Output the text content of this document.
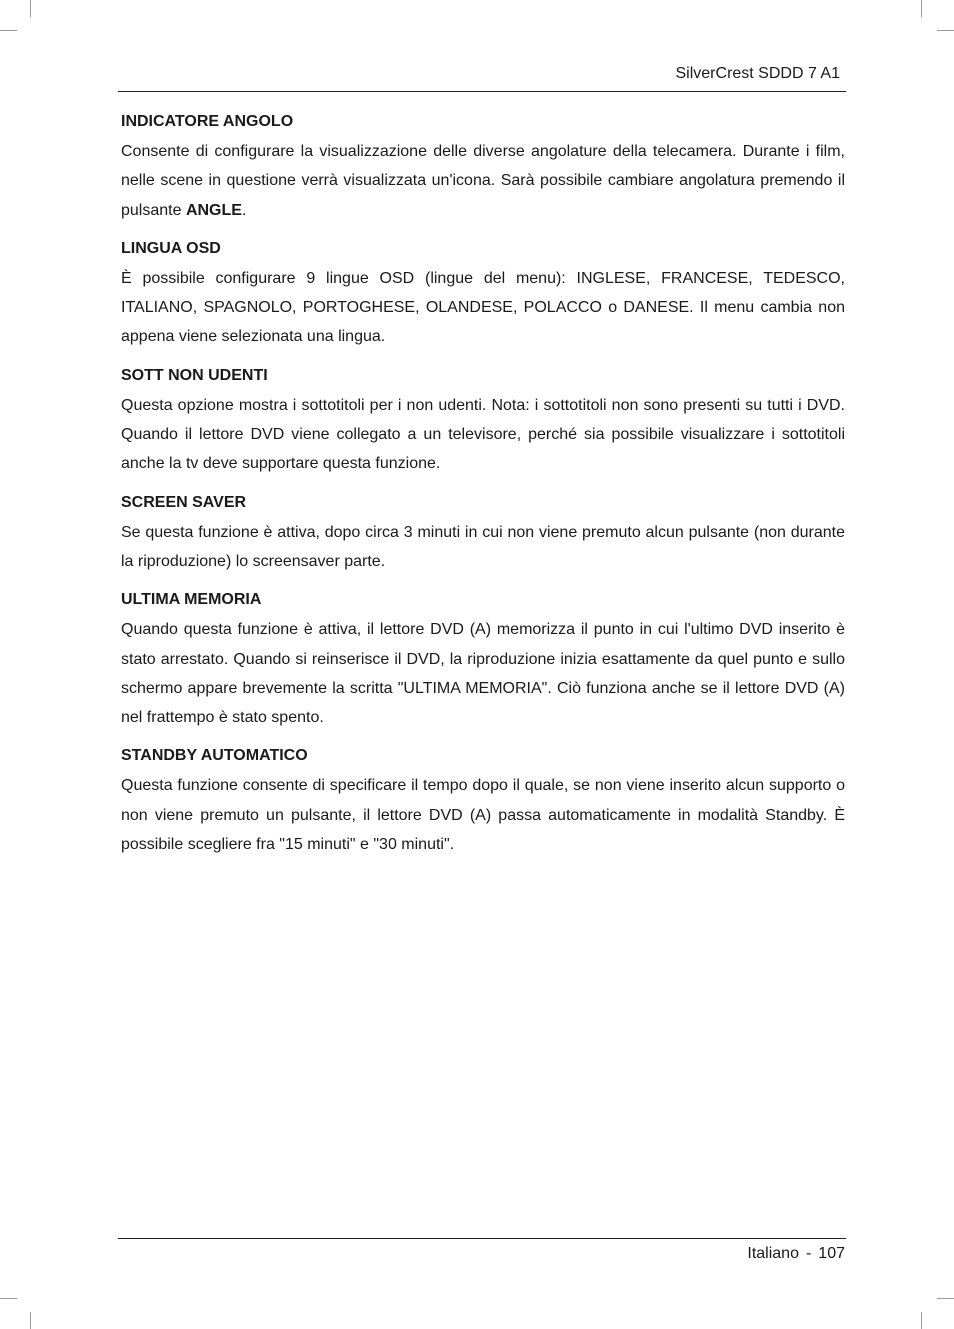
SilverCrest SDDD 7 A1
INDICATORE ANGOLO

Consente di configurare la visualizzazione delle diverse angolature della telecamera. Durante i film, nelle scene in questione verrà visualizzata un'icona. Sarà possibile cambiare angolatura premendo il pulsante ANGLE.

LINGUA OSD

È possibile configurare 9 lingue OSD (lingue del menu): INGLESE, FRANCESE, TEDESCO, ITALIANO, SPAGNOLO, PORTOGHESE, OLANDESE, POLACCO o DANESE. Il menu cambia non appena viene selezionata una lingua.

SOTT NON UDENTI

Questa opzione mostra i sottotitoli per i non udenti. Nota: i sottotitoli non sono presenti su tutti i DVD. Quando il lettore DVD viene collegato a un televisore, perché sia possibile visualizzare i sottotitoli anche la tv deve supportare questa funzione.

SCREEN SAVER

Se questa funzione è attiva, dopo circa 3 minuti in cui non viene premuto alcun pulsante (non durante la riproduzione) lo screensaver parte.

ULTIMA MEMORIA

Quando questa funzione è attiva, il lettore DVD (A) memorizza il punto in cui l'ultimo DVD inserito è stato arrestato. Quando si reinserisce il DVD, la riproduzione inizia esattamente da quel punto e sullo schermo appare brevemente la scritta "ULTIMA MEMORIA". Ciò funziona anche se il lettore DVD (A) nel frattempo è stato spento.

STANDBY AUTOMATICO

Questa funzione consente di specificare il tempo dopo il quale, se non viene inserito alcun supporto o non viene premuto un pulsante, il lettore DVD (A) passa automaticamente in modalità Standby. È possibile scegliere fra "15 minuti" e "30 minuti".

Italiano - 107
